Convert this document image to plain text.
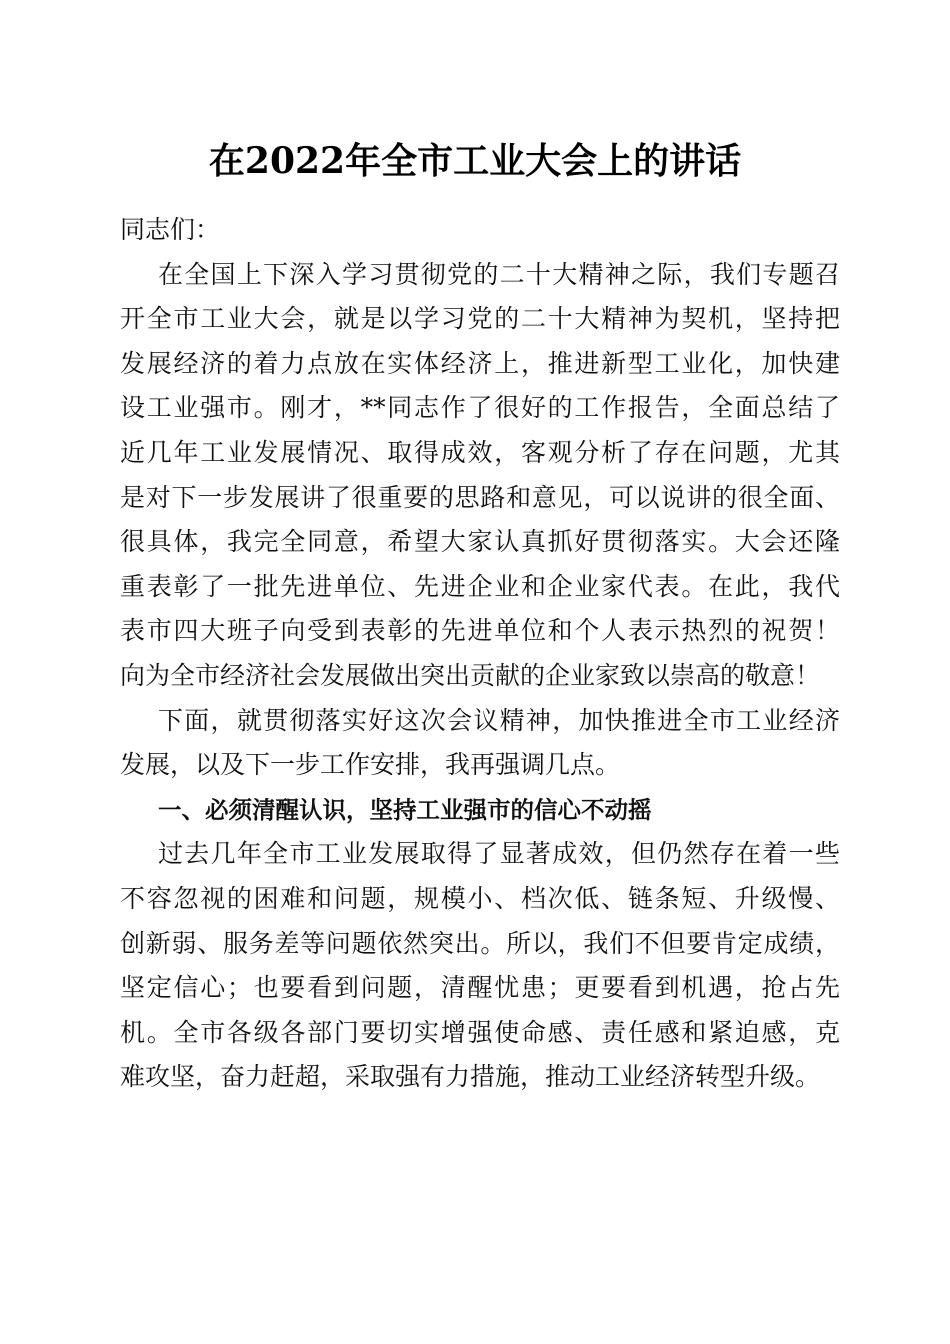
在2022年全市工业大会上的讲话
同志们：
在全国上下深入学习贯彻党的二十大精神之际，我们专题召
开全市工业大会，就是以学习党的二十大精神为契机，坚持把
发展经济的着力点放在实体经济上，推进新型工业化，加快建
设工业强市。刚才，**同志作了很好的工作报告，全面总结了
近几年工业发展情况、取得成效，客观分析了存在问题，尤其
是对下一步发展讲了很重要的思路和意见，可以说讲的很全面、
很具体，我完全同意，希望大家认真抓好贯彻落实。大会还隆
重表彰了一批先进单位、先进企业和企业家代表。在此，我代
表市四大班子向受到表彰的先进单位和个人表示热烈的祝贺！
向为全市经济社会发展做出突出贡献的企业家致以崇高的敬意！
下面，就贯彻落实好这次会议精神，加快推进全市工业经济
发展，以及下一步工作安排，我再强调几点。
一、必须清醒认识，坚持工业强市的信心不动摇
过去几年全市工业发展取得了显著成效，但仍然存在着一些
不容忽视的困难和问题，规模小、档次低、链条短、升级慢、
创新弱、服务差等问题依然突出。所以，我们不但要肯定成绩，
坚定信心；也要看到问题，清醒忧患；更要看到机遇，抢占先
机。全市各级各部门要切实增强使命感、责任感和紧迫感，克
难攻坚，奋力赶超，采取强有力措施，推动工业经济转型升级。
